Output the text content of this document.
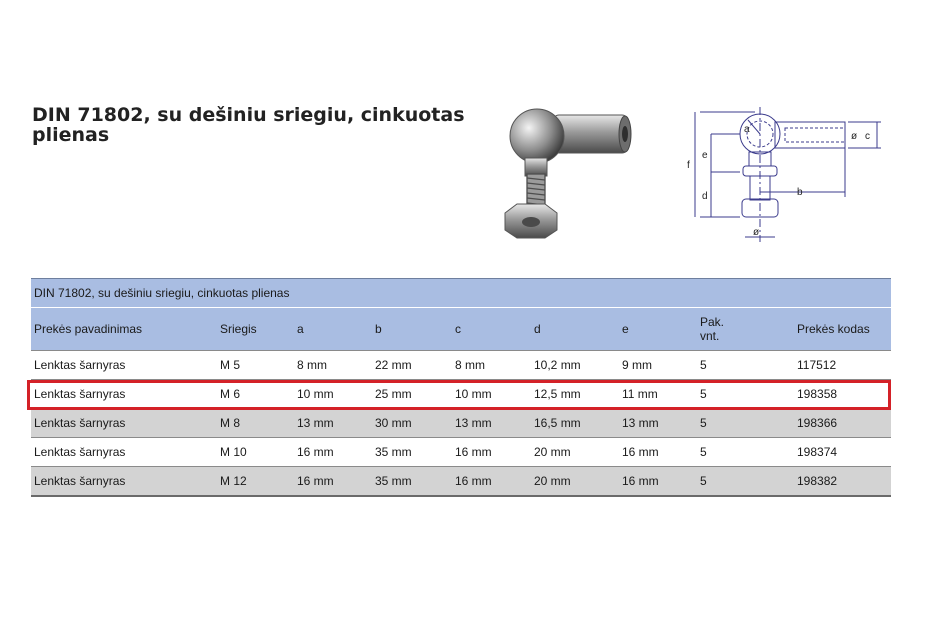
DIN 71802, su dešiniu sriegiu, cinkuotas plienas	a
b
c
d
e
f
ø
ø
DIN 71802, su dešiniu sriegiu, cinkuotas plienas								
Prekės pavadinimas	Sriegis	a	b	c	d	e	Pak.
vnt.	Prekės kodas
Lenktas šarnyras	M 5	8 mm	22 mm	8 mm	10,2 mm	9 mm	5	117512
Lenktas šarnyras	M 6	10 mm	25 mm	10 mm	12,5 mm	11 mm	5	198358
Lenktas šarnyras	M 8	13 mm	30 mm	13 mm	16,5 mm	13 mm	5	198366
Lenktas šarnyras	M 10	16 mm	35 mm	16 mm	20 mm	16 mm	5	198374
Lenktas šarnyras	M 12	16 mm	35 mm	16 mm	20 mm	16 mm	5	198382
